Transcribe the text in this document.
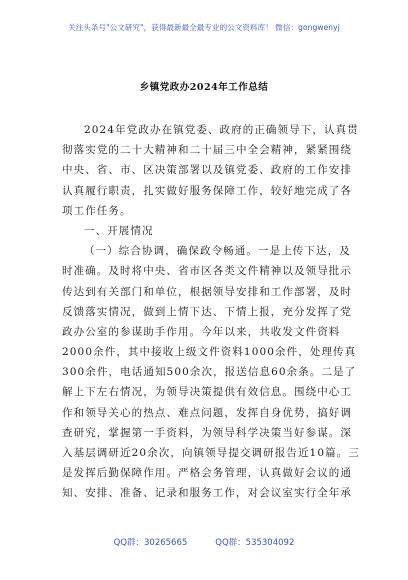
关注头条号"公文研究"，获得最新最全最专业的公文资料库！ 微信：gongwenyj
乡镇党政办2024年工作总结
2024年党政办在镇党委、政府的正确领导下，认真贯
彻落实党的二十大精神和二十届三中全会精神，紧紧围绕
中央、省、市、区决策部署以及镇党委、政府的工作安排
认真履行职责，扎实做好服务保障工作，较好地完成了各
项工作任务。
一、开展情况
（一）综合协调，确保政令畅通。一是上传下达，及
时准确。及时将中央、省市区各类文件精神以及领导批示
传达到有关部门和单位，根据领导安排和工作部署，及时
反馈落实情况，做到上情下达、下情上报，充分发挥了党
政办公室的参谋助手作用。今年以来，共收发文件资料
2000余件，其中接收上级文件资料1000余件，处理传真
300余件，电话通知500余次，报送信息60余条。二是了
解上下左右情况，为领导决策提供有效信息。围绕中心工
作和领导关心的热点、难点问题，发挥自身优势，搞好调
查研究，掌握第一手资料，为领导科学决策当好参谋。深
入基层调研近20余次，向镇领导提交调研报告近10篇。三
是发挥后勤保障作用。严格会务管理，认真做好会议的通
知、安排、准备、记录和服务工作，对会议室实行全年承
QQ群：30265665	QQ群：535304092
